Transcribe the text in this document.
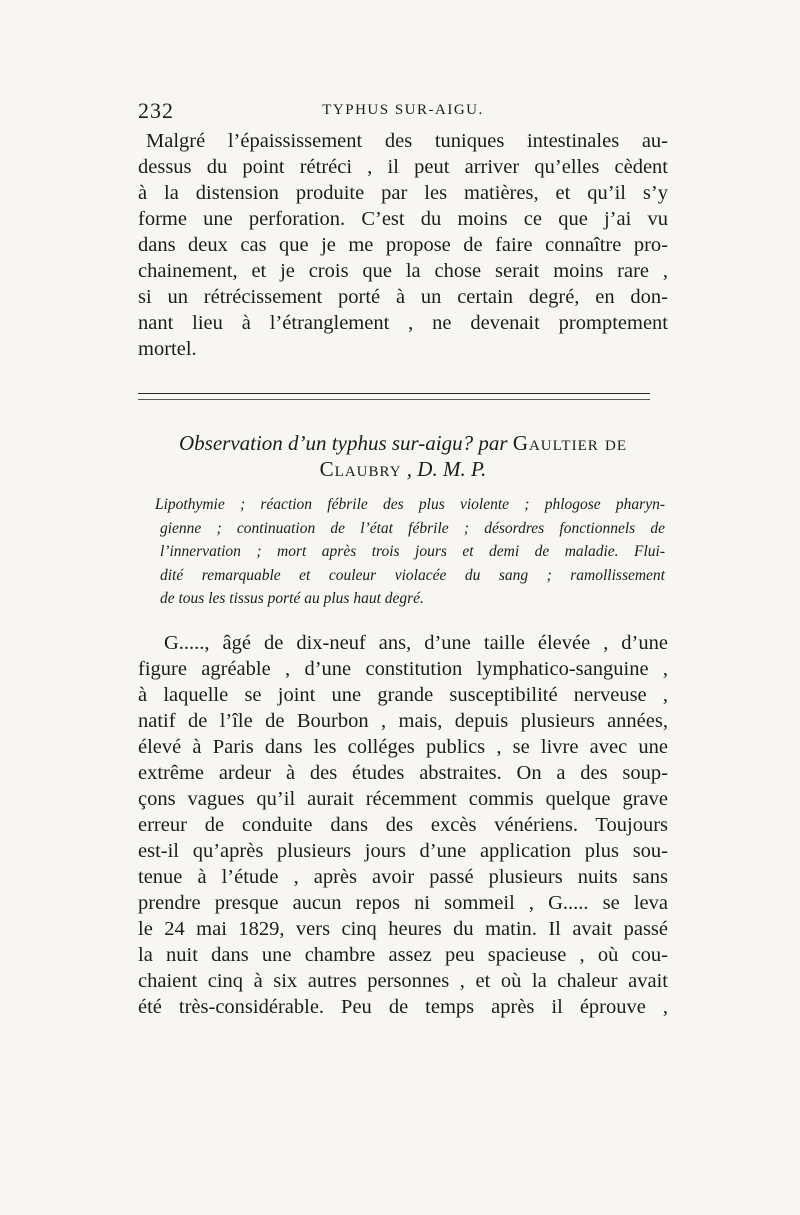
232	TYPHUS SUR-AIGU.
Malgré l’épaississement des tuniques intestinales au-
dessus du point rétréci , il peut arriver qu’elles cèdent
à la distension produite par les matières, et qu’il s’y
forme une perforation. C’est du moins ce que j’ai vu
dans deux cas que je me propose de faire connaître pro-
chainement, et je crois que la chose serait moins rare ,
si un rétrécissement porté à un certain degré, en don-
nant lieu à l’étranglement , ne devenait promptement
mortel.
Observation d’un typhus sur-aigu? par Gaultier de
Claubry , D. M. P.
Lipothymie ; réaction fébrile des plus violente ; phlogose pharyn-
gienne ; continuation de l’état fébrile ; désordres fonctionnels de
l’innervation ; mort après trois jours et demi de maladie. Flui-
dité remarquable et couleur violacée du sang ; ramollissement
de tous les tissus porté au plus haut degré.
G....., âgé de dix-neuf ans, d’une taille élevée , d’une
figure agréable , d’une constitution lymphatico-sanguine ,
à laquelle se joint une grande susceptibilité nerveuse ,
natif de l’île de Bourbon , mais, depuis plusieurs années,
élevé à Paris dans les colléges publics , se livre avec une
extrême ardeur à des études abstraites. On a des soup-
çons vagues qu’il aurait récemment commis quelque grave
erreur de conduite dans des excès vénériens. Toujours
est-il qu’après plusieurs jours d’une application plus sou-
tenue à l’étude , après avoir passé plusieurs nuits sans
prendre presque aucun repos ni sommeil , G..... se leva
le 24 mai 1829, vers cinq heures du matin. Il avait passé
la nuit dans une chambre assez peu spacieuse , où cou-
chaient cinq à six autres personnes , et où la chaleur avait
été très-considérable. Peu de temps après il éprouve ,
